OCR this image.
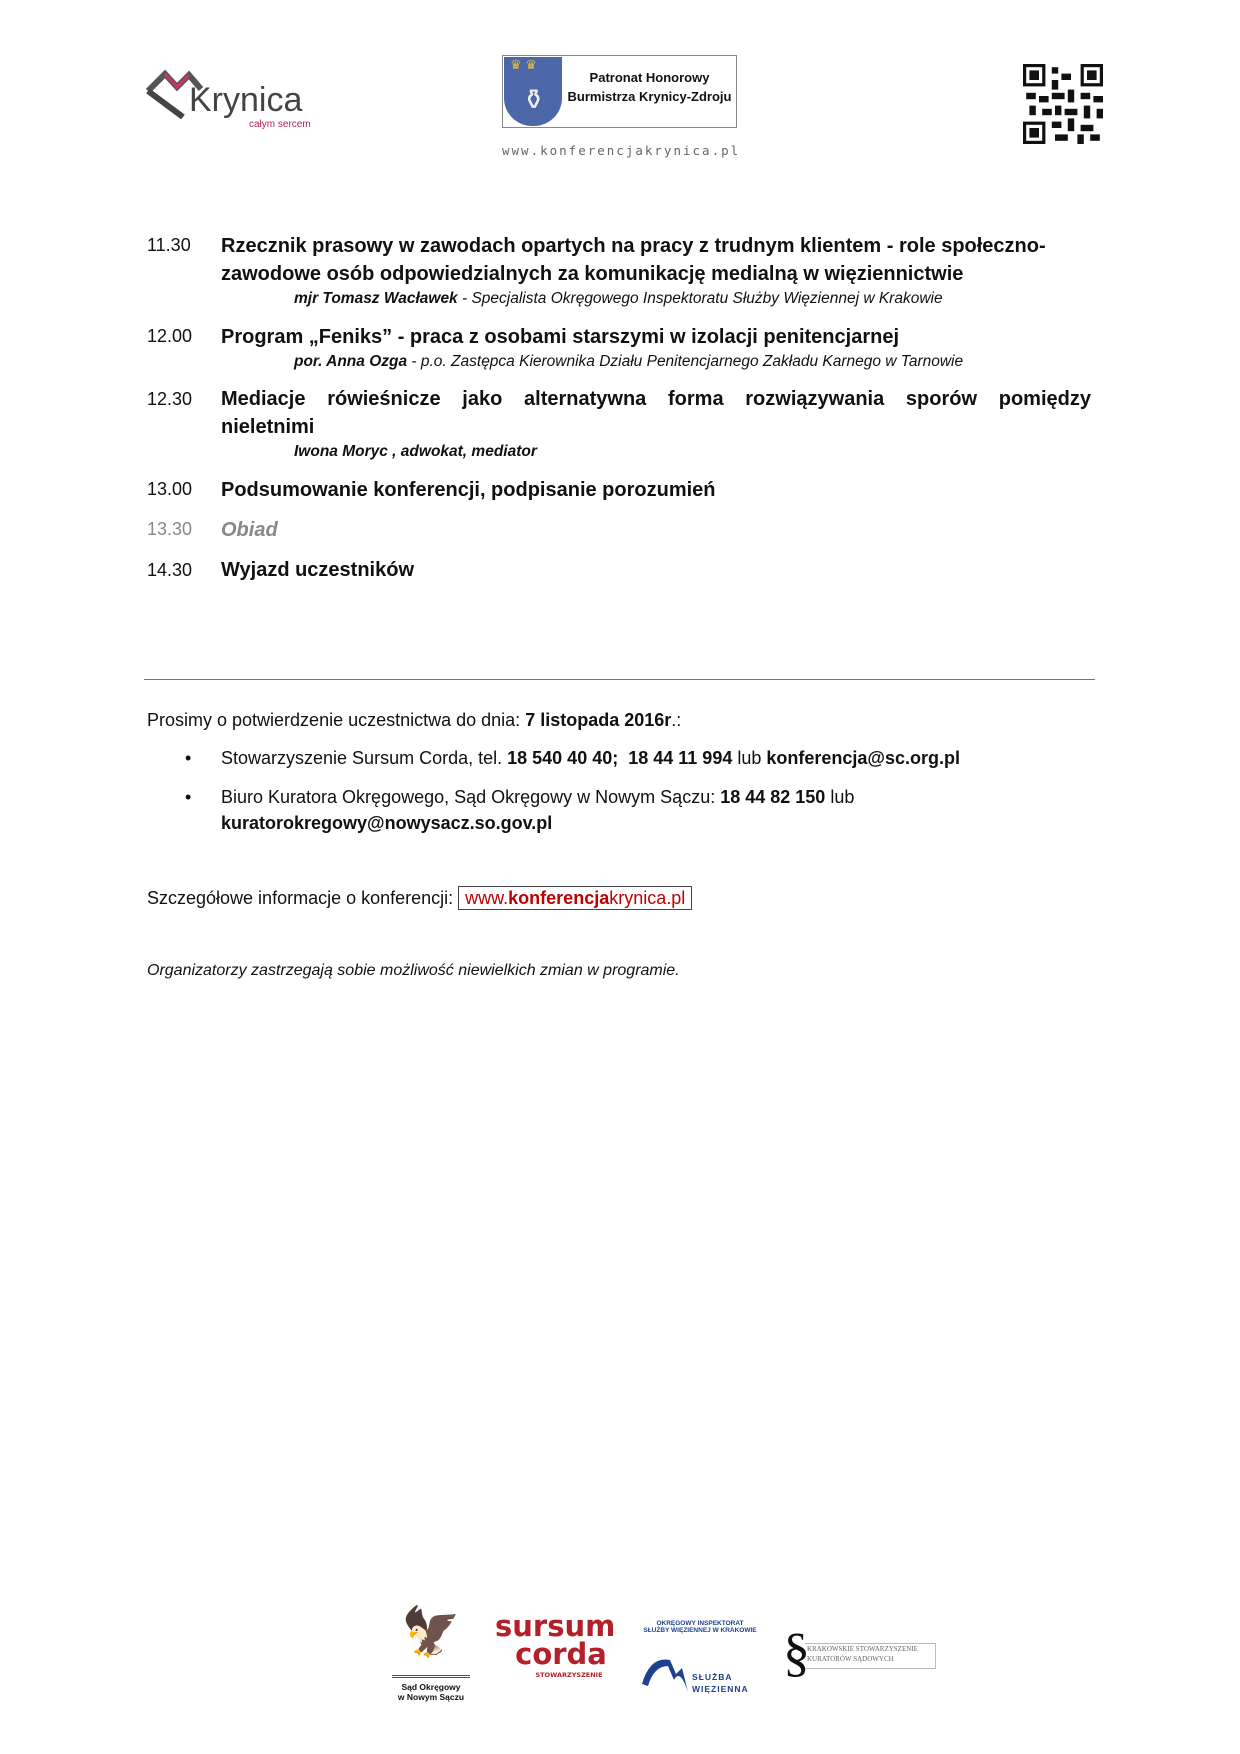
Krynica
całym sercem
♛ ♛
⚱
Patronat Honorowy
Burmistrza Krynicy-Zdroju
www.konferencjakrynica.pl
11.30 Rzecznik prasowy w zawodach opartych na pracy z trudnym klientem - role społeczno-
zawodowe osób odpowiedzialnych za komunikację medialną w więziennictwie
mjr Tomasz Wacławek - Specjalista Okręgowego Inspektoratu Służby Więziennej w Krakowie
12.00 Program „Feniks” - praca z osobami starszymi w izolacji penitencjarnej
por. Anna Ozga - p.o. Zastępca Kierownika Działu Penitencjarnego Zakładu Karnego w Tarnowie
12.30 Mediacje rówieśnicze jako alternatywna forma rozwiązywania sporów pomiędzy
nieletnimi
Iwona Moryc , adwokat, mediator
13.00 Podsumowanie konferencji, podpisanie porozumień
13.30 Obiad
14.30 Wyjazd uczestników
Prosimy o potwierdzenie uczestnictwa do dnia: 7 listopada 2016r.:
• Stowarzyszenie Sursum Corda, tel. 18 540 40 40; 18 44 11 994 lub konferencja@sc.org.pl
• Biuro Kuratora Okręgowego, Sąd Okręgowy w Nowym Sączu: 18 44 82 150 lub
kuratorokregowy@nowysacz.so.gov.pl
Szczegółowe informacje o konferencji: www.konferencjakrynica.pl
Organizatorzy zastrzegają sobie możliwość niewielkich zmian w programie.
🦅
Sąd Okręgowy
w Nowym Sączu
sursum
corda
STOWARZYSZENIE
OKRĘGOWY INSPEKTORAT
SŁUŻBY WIĘZIENNEJ W KRAKOWIE
SŁUŻBA
WIĘZIENNA
§
KRAKOWSKIE STOWARZYSZENIE
KURATORÓW SĄDOWYCH
